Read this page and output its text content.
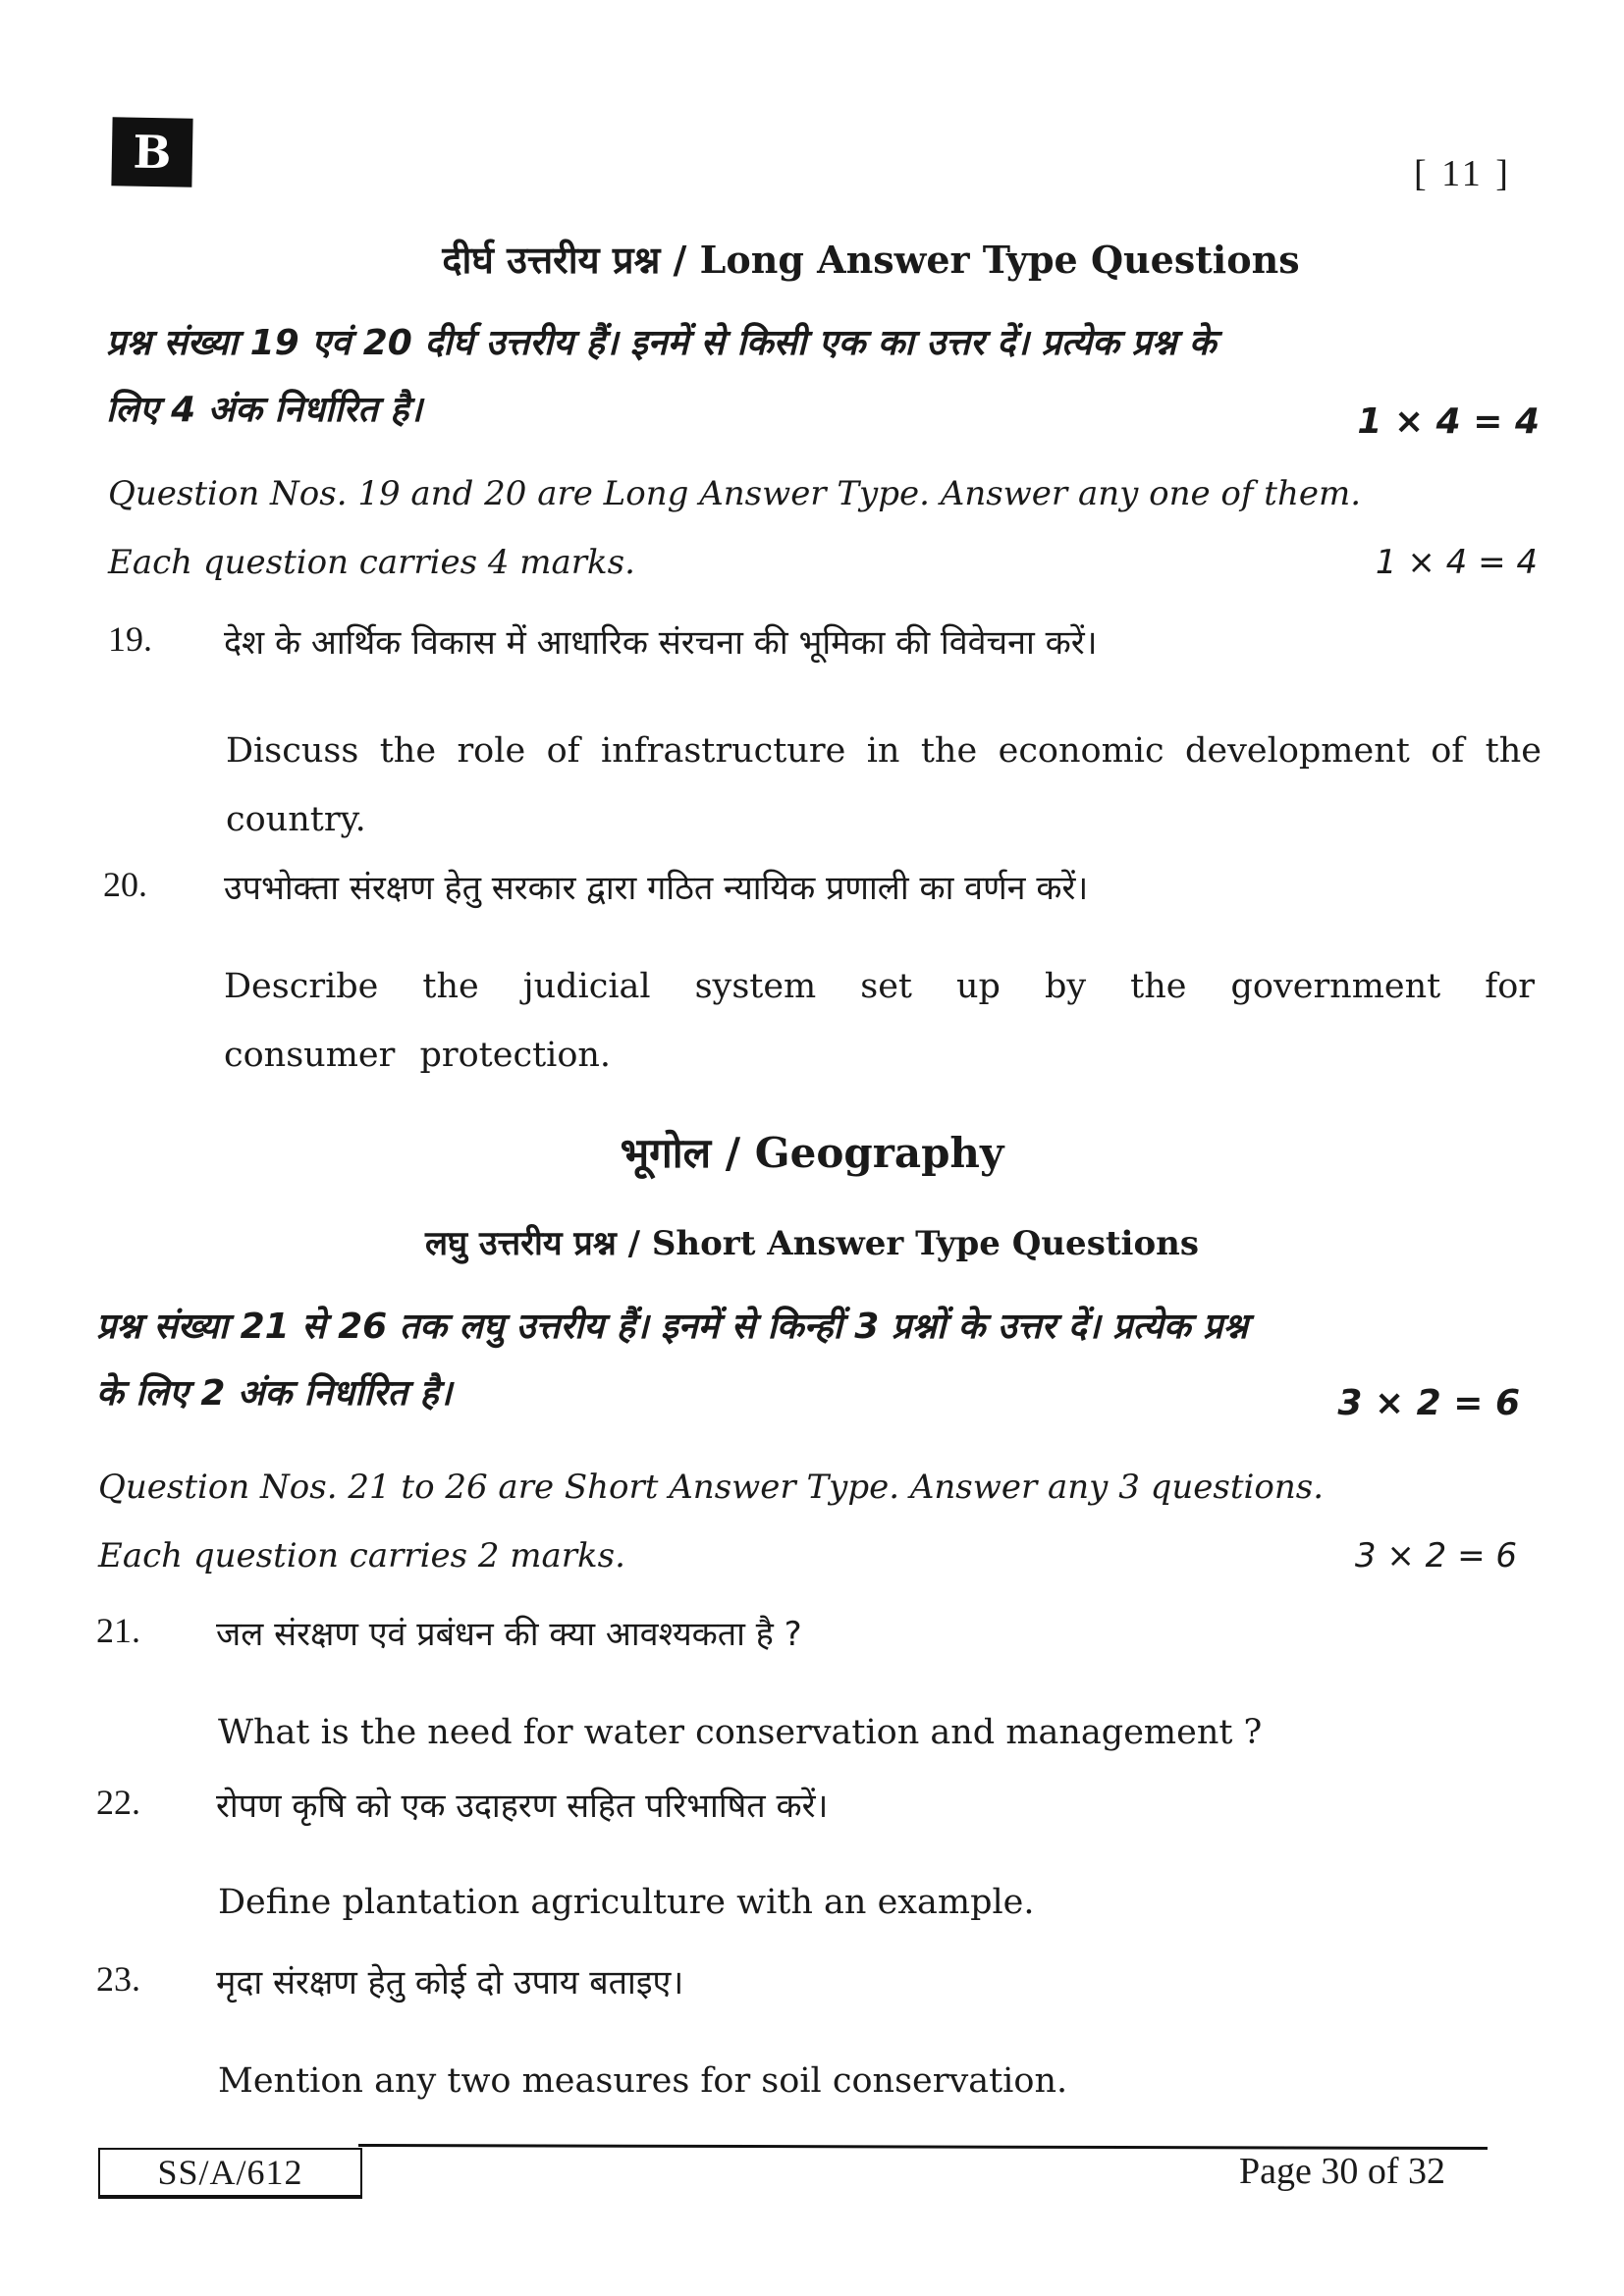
B	[ 11 ]
दीर्घ उत्तरीय प्रश्न / Long Answer Type Questions
प्रश्न संख्या 19 एवं 20 दीर्घ उत्तरीय हैं। इनमें से किसी एक का उत्तर दें। प्रत्येक प्रश्न के
लिए 4 अंक निर्धारित है।	1 × 4 = 4
Question Nos. 19 and 20 are Long Answer Type. Answer any one of them.
Each question carries 4 marks.	1 × 4 = 4
19. देश के आर्थिक विकास में आधारिक संरचना की भूमिका की विवेचना करें।
Discuss the role of infrastructure in the economic development of the country.
20. उपभोक्ता संरक्षण हेतु सरकार द्वारा गठित न्यायिक प्रणाली का वर्णन करें।
Describe the judicial system set up by the government for consumer protection.
भूगोल / Geography
लघु उत्तरीय प्रश्न / Short Answer Type Questions
प्रश्न संख्या 21 से 26 तक लघु उत्तरीय हैं। इनमें से किन्हीं 3 प्रश्नों के उत्तर दें। प्रत्येक प्रश्न
के लिए 2 अंक निर्धारित है।	3 × 2 = 6
Question Nos. 21 to 26 are Short Answer Type. Answer any 3 questions.
Each question carries 2 marks.	3 × 2 = 6
21. जल संरक्षण एवं प्रबंधन की क्या आवश्यकता है ?
What is the need for water conservation and management ?
22. रोपण कृषि को एक उदाहरण सहित परिभाषित करें।
Define plantation agriculture with an example.
23. मृदा संरक्षण हेतु कोई दो उपाय बताइए।
Mention any two measures for soil conservation.
SS/A/612	Page 30 of 32
